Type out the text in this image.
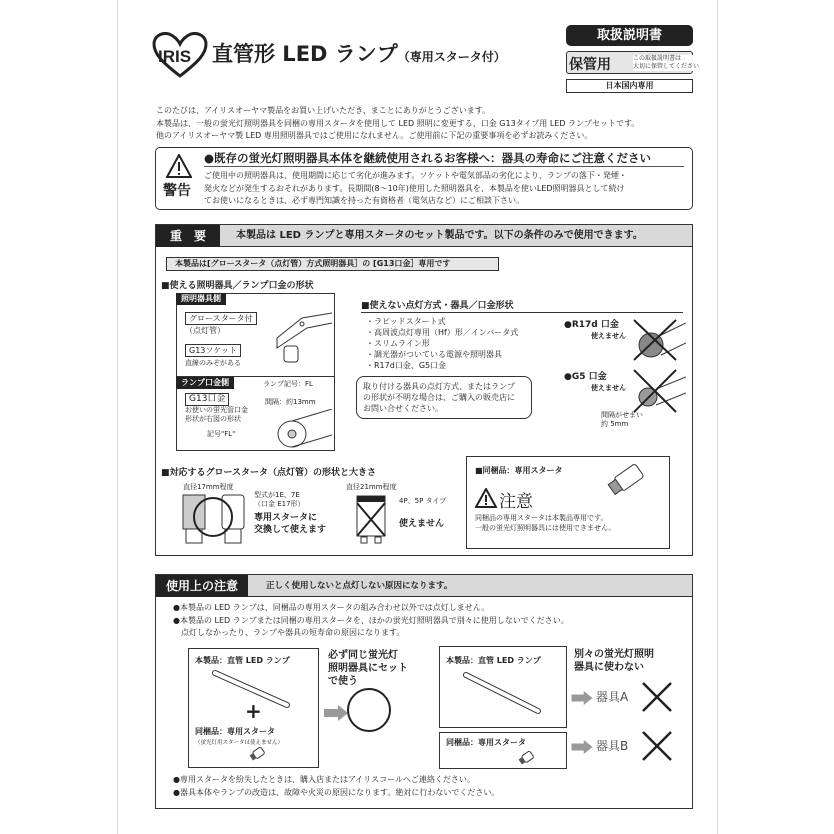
IRIS 直管形 LED ランプ（専用スタータ付）
取扱説明書
保管用	この取扱説明書は
大切に保管してください
日本国内専用
このたびは、アイリスオーヤマ製品をお買い上げいただき、まことにありがとうございます。
本製品は、一般の蛍光灯照明器具を同梱の専用スタータを使用して LED 照明に変更する、口金 G13タイプ用 LED ランプセットです。
他のアイリスオーヤマ製 LED 専用照明器具ではご使用になれません。ご使用前に下記の重要事項を必ずお読みください。
警告
●既存の蛍光灯照明器具本体を継続使用されるお客様へ：器具の寿命にご注意ください
ご使用中の照明器具は、使用期間に応じて劣化が進みます。ソケットや電気部品の劣化により、ランプの落下・発煙・
発火などが発生するおそれがあります。長期間(8～10年)使用した照明器具を、本製品を使いLED照明器具として続け
てお使いになるときは、必ず専門知識を持った有資格者（電気店など）にご相談下さい。
重　要	本製品は LED ランプと専用スタータのセット製品です。以下の条件のみで使用できます。
本製品は[グロースタータ（点灯管）方式照明器具］の [G13口金］専用です
■使える照明器具／ランプ口金の形状
照明器具側
グロースタータ付
（点灯管）
G13ソケット
直線のみぞがある
ランプ口金側	ランプ記号：FL
G13口金
お使いの蛍光管口金
形状が右図の形状
間隔：約13mm
記号"FL"
■使えない点灯方式・器具／口金形状
・ラピッドスタート式
・高周波点灯専用（Hf）形／インバータ式
・スリムライン形
・調光器がついている電源や照明器具
・R17d口金、G5口金
●R17d 口金
使えません
●G5 口金
使えません
間隔がせまい
約 5mm
取り付ける器具の点灯方式、またはランプ
の形状が不明な場合は、ご購入の販売店に
お問い合せください。
■対応するグロースタータ（点灯管）の形状と大きさ
直径17mm程度
型式が1E、7E
（口金 E17形）
専用スタータに
交換して使えます
直径21mm程度
4P、5P タイプ
使えません
■同梱品：専用スタータ
注意
同梱品の専用スタータは本製品専用です。
一般の蛍光灯照明器具には使用できません。
使用上の注意	正しく使用しないと点灯しない原因になります。
●本製品の LED ランプは、同梱品の専用スタータの組み合わせ以外では点灯しません。
●本製品の LED ランプまたは同梱の専用スタータを、ほかの蛍光灯照明器具で別々に使用しないでください。
　点灯しなかったり、ランプや器具の短寿命の原因になります。
本製品：直管 LED ランプ
+
同梱品：専用スタータ
（蛍光灯用スタータは使えません）
必ず同じ蛍光灯
照明器具にセット
で使う
本製品：直管 LED ランプ
同梱品：専用スタータ
別々の蛍光灯照明
器具に使わない
器具A
器具B
●専用スタータを紛失したときは、購入店またはアイリスコールへご連絡ください。
●器具本体やランプの改造は、故障や火災の原因になります。絶対に行わないでください。
